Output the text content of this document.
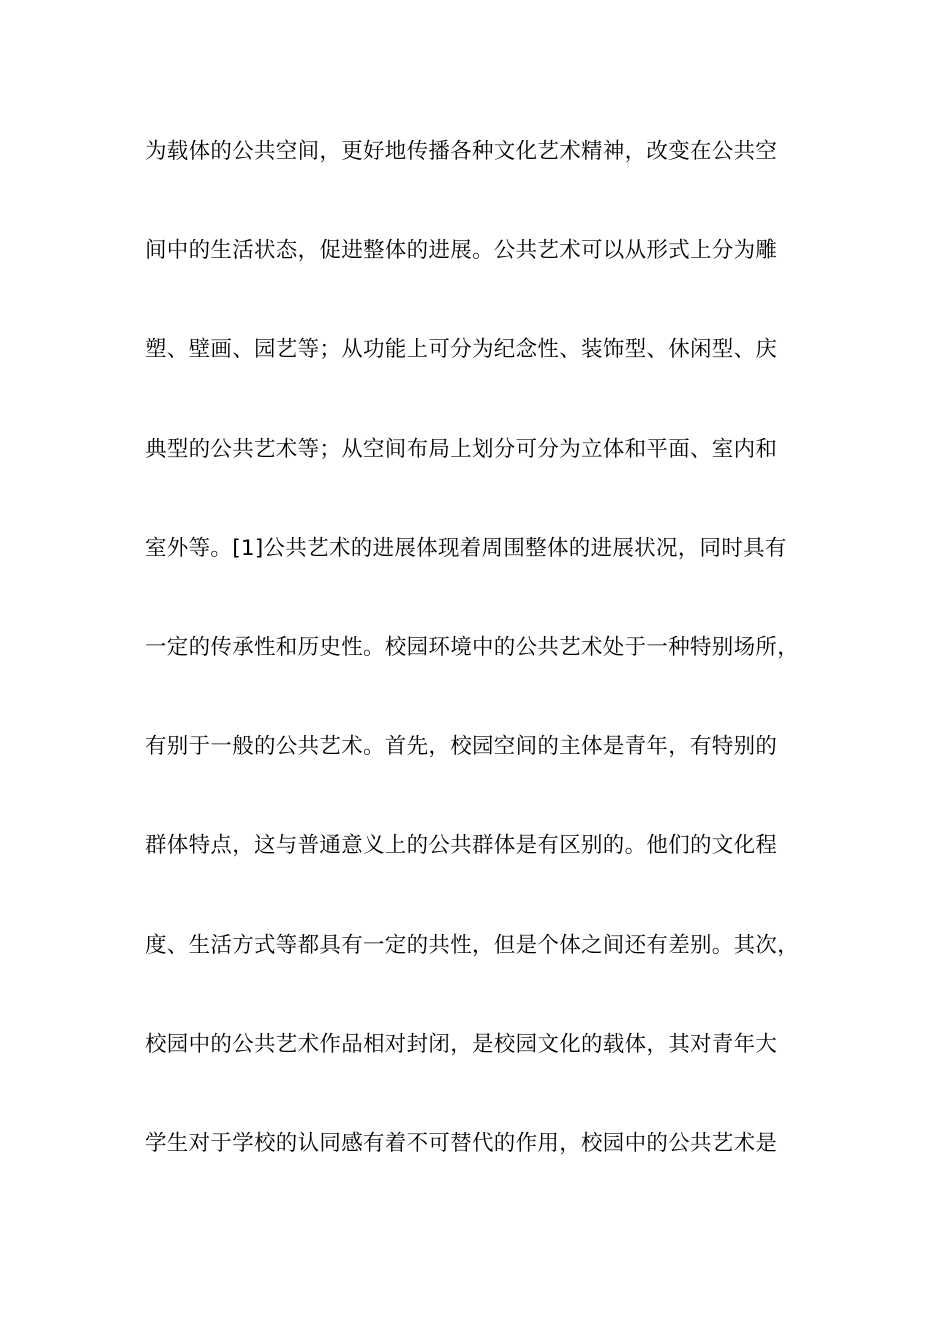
为载体的公共空间，更好地传播各种文化艺术精神，改变在公共空
间中的生活状态，促进整体的进展。公共艺术可以从形式上分为雕
塑、壁画、园艺等；从功能上可分为纪念性、装饰型、休闲型、庆
典型的公共艺术等；从空间布局上划分可分为立体和平面、室内和
室外等。[1]公共艺术的进展体现着周围整体的进展状况，同时具有
一定的传承性和历史性。校园环境中的公共艺术处于一种特别场所，
有别于一般的公共艺术。首先，校园空间的主体是青年，有特别的
群体特点，这与普通意义上的公共群体是有区别的。他们的文化程
度、生活方式等都具有一定的共性，但是个体之间还有差别。其次，
校园中的公共艺术作品相对封闭，是校园文化的载体，其对青年大
学生对于学校的认同感有着不可替代的作用，校园中的公共艺术是
